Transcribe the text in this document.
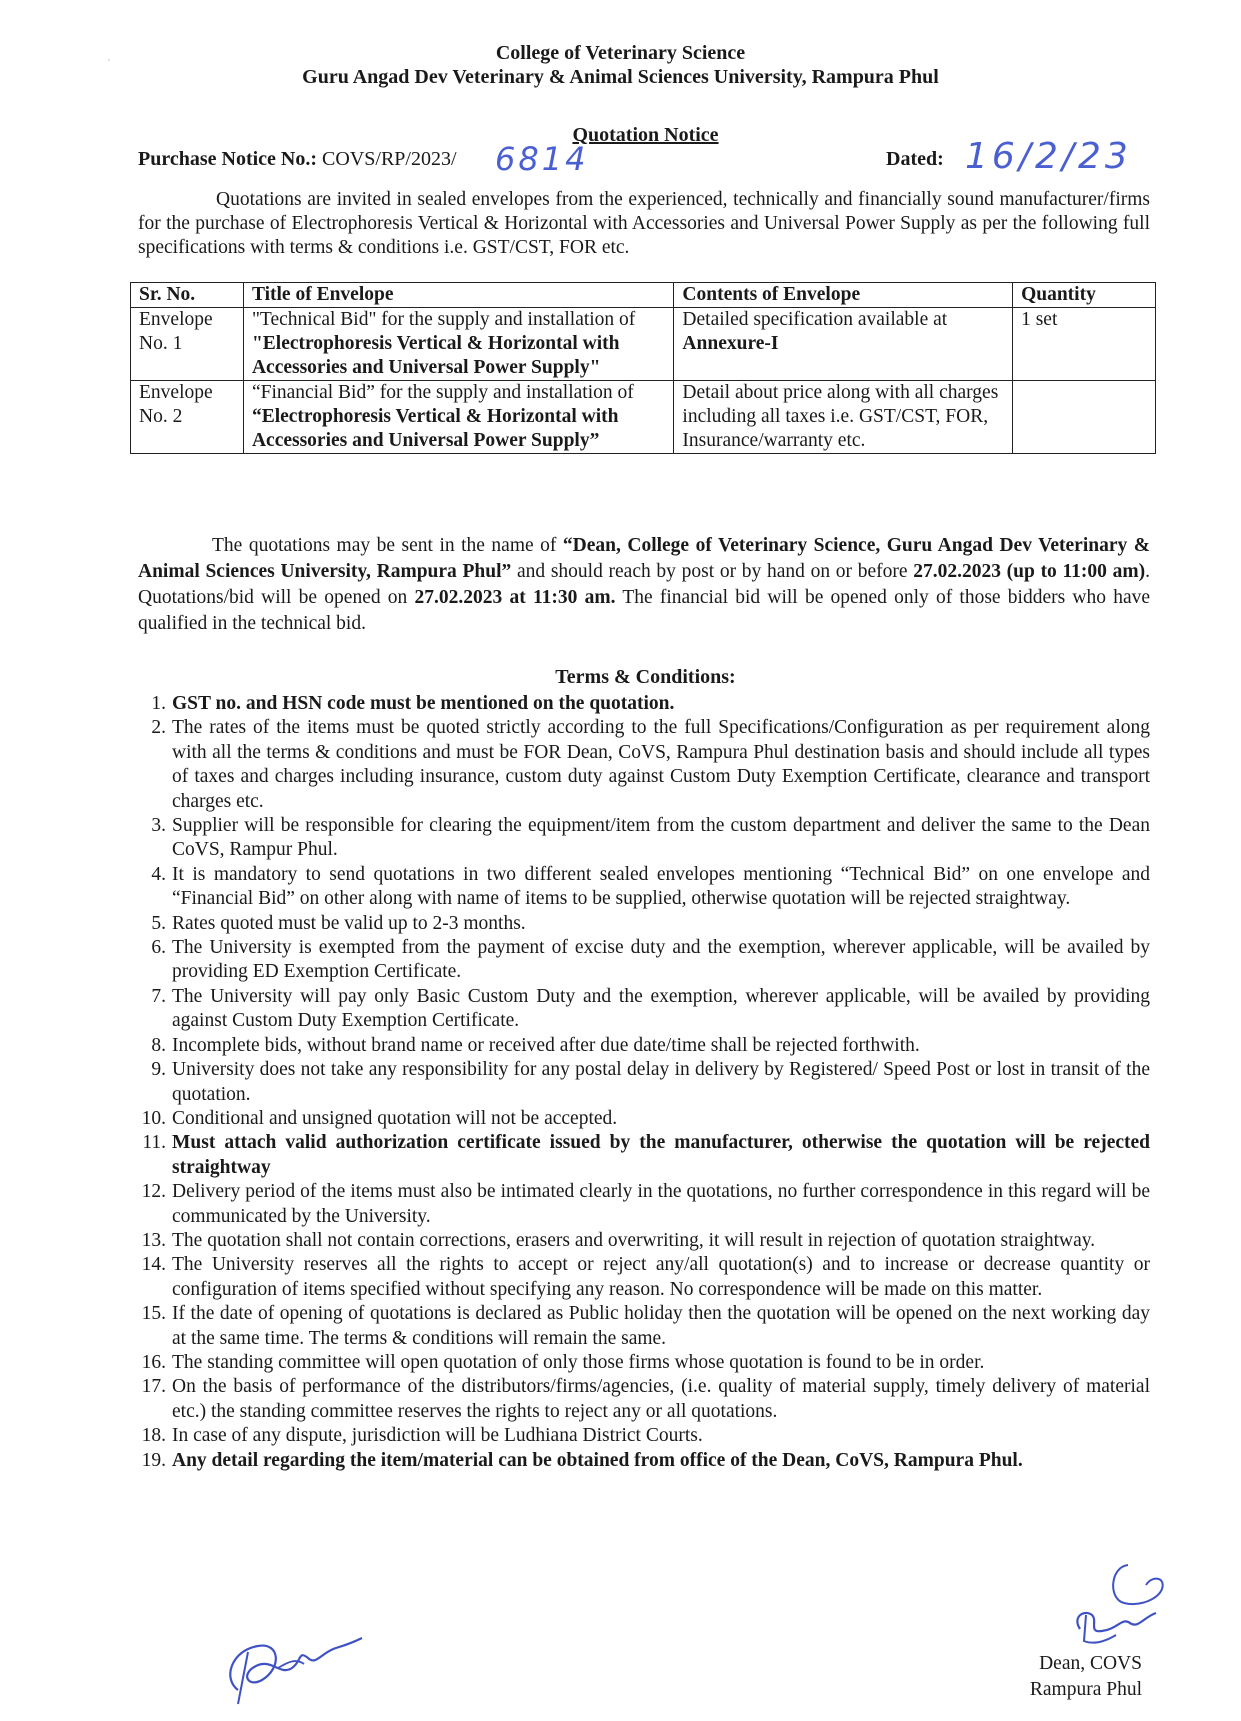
'	College of Veterinary Science
Guru Angad Dev Veterinary & Animal Sciences University, Rampura Phul
Quotation Notice
Purchase Notice No.: COVS/RP/2023/ 6814	Dated: 16/2/23
Quotations are invited in sealed envelopes from the experienced, technically and financially sound manufacturer/firms for the purchase of Electrophoresis Vertical & Horizontal with Accessories and Universal Power Supply as per the following full specifications with terms & conditions i.e. GST/CST, FOR etc.
Sr. No.	Title of Envelope	Contents of Envelope	Quantity
Envelope No. 1	"Technical Bid" for the supply and installation of "Electrophoresis Vertical & Horizontal with Accessories and Universal Power Supply"	Detailed specification available at Annexure-I	1 set
Envelope No. 2	“Financial Bid” for the supply and installation of “Electrophoresis Vertical & Horizontal with Accessories and Universal Power Supply”	Detail about price along with all charges including all taxes i.e. GST/CST, FOR, Insurance/warranty etc.	
The quotations may be sent in the name of “Dean, College of Veterinary Science, Guru Angad Dev Veterinary & Animal Sciences University, Rampura Phul” and should reach by post or by hand on or before 27.02.2023 (up to 11:00 am). Quotations/bid will be opened on 27.02.2023 at 11:30 am. The financial bid will be opened only of those bidders who have qualified in the technical bid.
Terms & Conditions:
1. GST no. and HSN code must be mentioned on the quotation.
2. The rates of the items must be quoted strictly according to the full Specifications/Configuration as per requirement along with all the terms & conditions and must be FOR Dean, CoVS, Rampura Phul destination basis and should include all types of taxes and charges including insurance, custom duty against Custom Duty Exemption Certificate, clearance and transport charges etc.
3. Supplier will be responsible for clearing the equipment/item from the custom department and deliver the same to the Dean CoVS, Rampur Phul.
4. It is mandatory to send quotations in two different sealed envelopes mentioning “Technical Bid” on one envelope and “Financial Bid” on other along with name of items to be supplied, otherwise quotation will be rejected straightway.
5. Rates quoted must be valid up to 2-3 months.
6. The University is exempted from the payment of excise duty and the exemption, wherever applicable, will be availed by providing ED Exemption Certificate.
7. The University will pay only Basic Custom Duty and the exemption, wherever applicable, will be availed by providing against Custom Duty Exemption Certificate.
8. Incomplete bids, without brand name or received after due date/time shall be rejected forthwith.
9. University does not take any responsibility for any postal delay in delivery by Registered/ Speed Post or lost in transit of the quotation.
10. Conditional and unsigned quotation will not be accepted.
11. Must attach valid authorization certificate issued by the manufacturer, otherwise the quotation will be rejected straightway
12. Delivery period of the items must also be intimated clearly in the quotations, no further correspondence in this regard will be communicated by the University.
13. The quotation shall not contain corrections, erasers and overwriting, it will result in rejection of quotation straightway.
14. The University reserves all the rights to accept or reject any/all quotation(s) and to increase or decrease quantity or configuration of items specified without specifying any reason. No correspondence will be made on this matter.
15. If the date of opening of quotations is declared as Public holiday then the quotation will be opened on the next working day at the same time. The terms & conditions will remain the same.
16. The standing committee will open quotation of only those firms whose quotation is found to be in order.
17. On the basis of performance of the distributors/firms/agencies, (i.e. quality of material supply, timely delivery of material etc.) the standing committee reserves the rights to reject any or all quotations.
18. In case of any dispute, jurisdiction will be Ludhiana District Courts.
19. Any detail regarding the item/material can be obtained from office of the Dean, CoVS, Rampura Phul.
Dean, COVS
Rampura Phul
